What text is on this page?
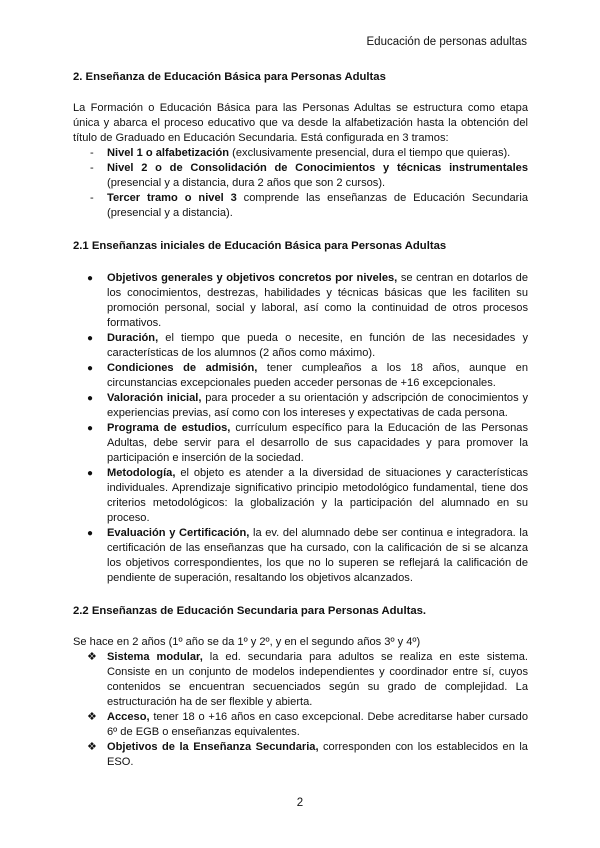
Educación de personas adultas
2. Enseñanza de Educación Básica para Personas Adultas

La Formación o Educación Básica para las Personas Adultas se estructura como etapa única y abarca el proceso educativo que va desde la alfabetización hasta la obtención del título de Graduado en Educación Secundaria. Está configurada en 3 tramos:

- Nivel 1 o alfabetización (exclusivamente presencial, dura el tiempo que quieras).
- Nivel 2 o de Consolidación de Conocimientos y técnicas instrumentales (presencial y a distancia, dura 2 años que son 2 cursos).
- Tercer tramo o nivel 3 comprende las enseñanzas de Educación Secundaria (presencial y a distancia).
2.1 Enseñanzas iniciales de Educación Básica para Personas Adultas
● Objetivos generales y objetivos concretos por niveles, se centran en dotarlos de los conocimientos, destrezas, habilidades y técnicas básicas que les faciliten su promoción personal, social y laboral, así como la continuidad de otros procesos formativos.
● Duración, el tiempo que pueda o necesite, en función de las necesidades y características de los alumnos (2 años como máximo).
● Condiciones de admisión, tener cumpleaños a los 18 años, aunque en circunstancias excepcionales pueden acceder personas de +16 excepcionales.
● Valoración inicial, para proceder a su orientación y adscripción de conocimientos y experiencias previas, así como con los intereses y expectativas de cada persona.
● Programa de estudios, currículum específico para la Educación de las Personas Adultas, debe servir para el desarrollo de sus capacidades y para promover la participación e inserción de la sociedad.
● Metodología, el objeto es atender a la diversidad de situaciones y características individuales. Aprendizaje significativo principio metodológico fundamental, tiene dos criterios metodológicos: la globalización y la participación del alumnado en su proceso.
● Evaluación y Certificación, la ev. del alumnado debe ser continua e integradora. la certificación de las enseñanzas que ha cursado, con la calificación de si se alcanza los objetivos correspondientes, los que no lo superen se reflejará la calificación de pendiente de superación, resaltando los objetivos alcanzados.
2.2 Enseñanzas de Educación Secundaria para Personas Adultas.

Se hace en 2 años (1º año se da 1º y 2º, y en el segundo años 3º y 4º)

❖ Sistema modular, la ed. secundaria para adultos se realiza en este sistema. Consiste en un conjunto de modelos independientes y coordinador entre sí, cuyos contenidos se encuentran secuenciados según su grado de complejidad. La estructuración ha de ser flexible y abierta.
❖ Acceso, tener 18 o +16 años en caso excepcional. Debe acreditarse haber cursado 6º de EGB o enseñanzas equivalentes.
❖ Objetivos de la Enseñanza Secundaria, corresponden con los establecidos en la ESO.
2
